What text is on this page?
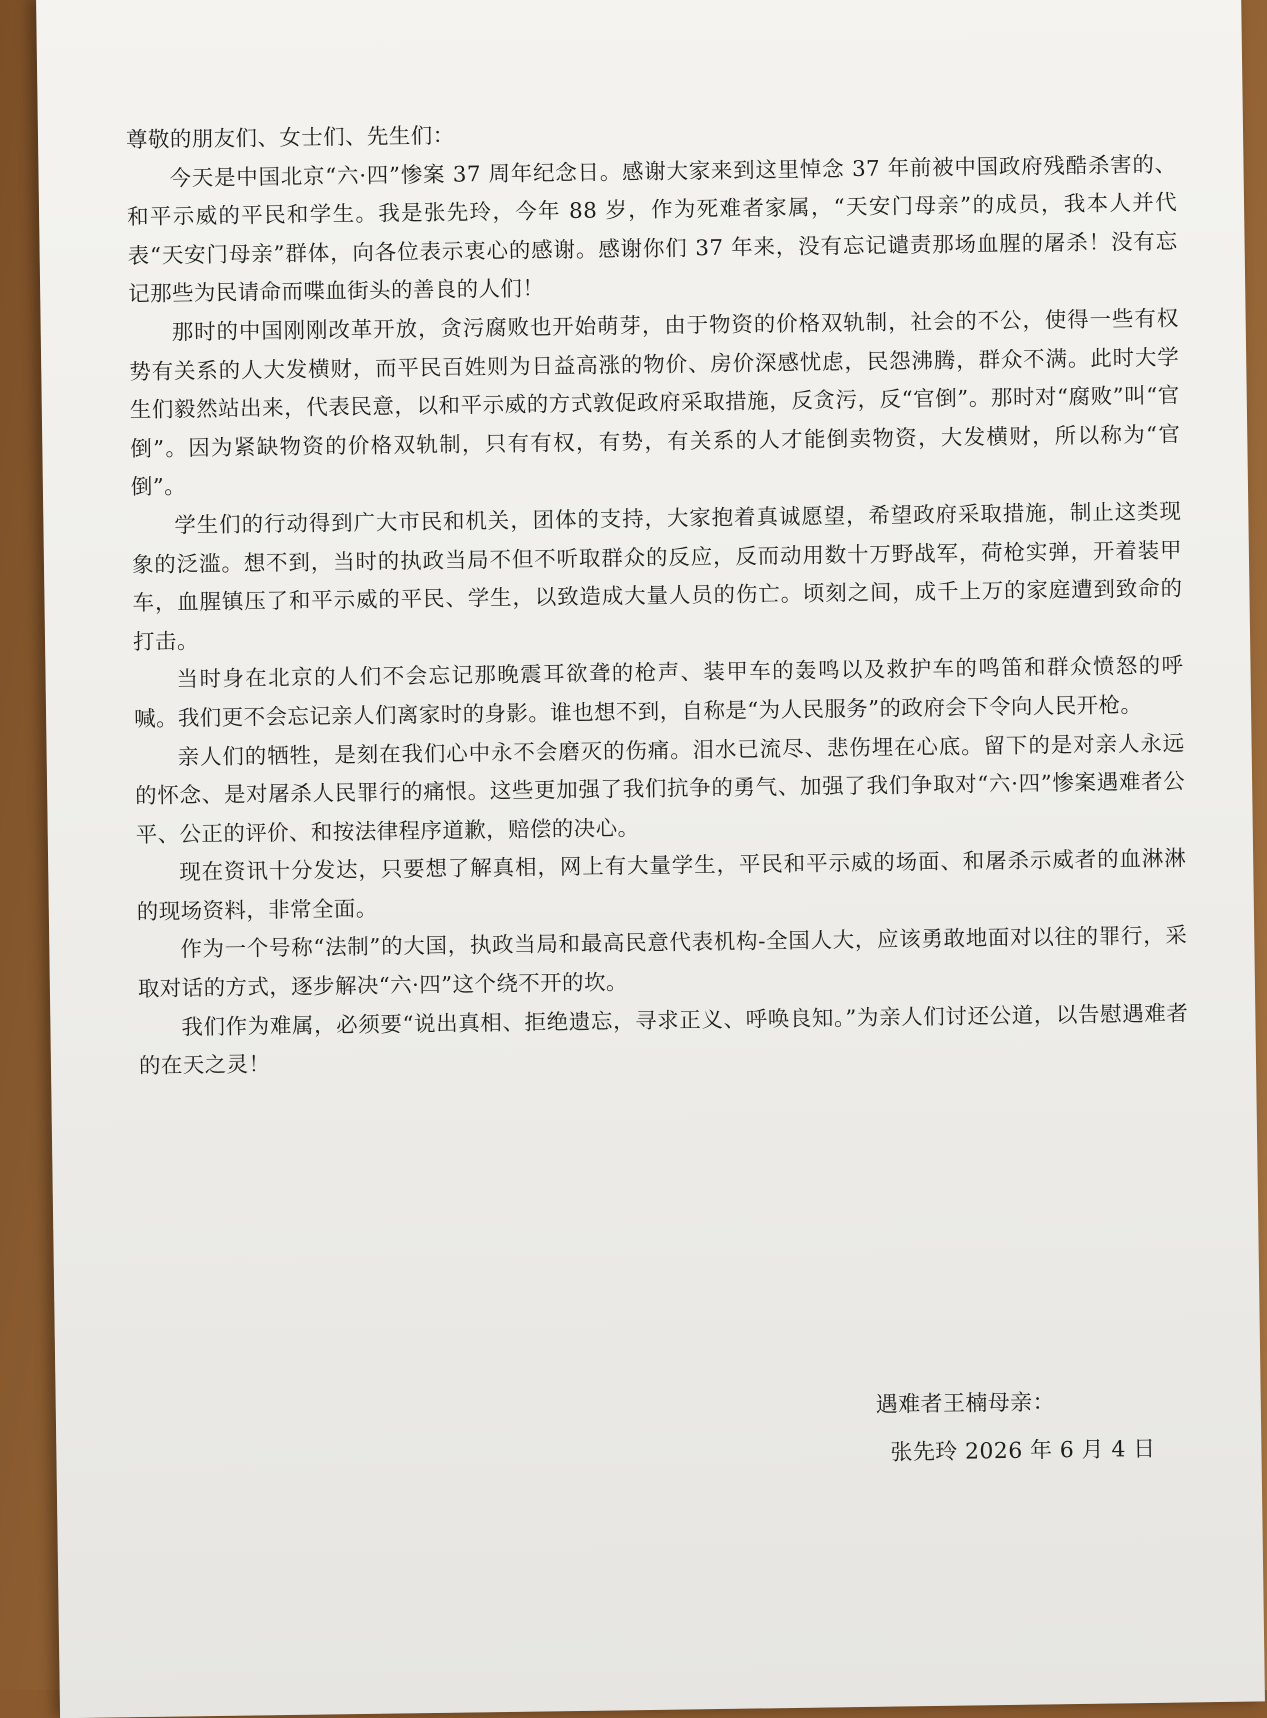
尊敬的朋友们、女士们、先生们：

今天是中国北京“六·四”惨案 37 周年纪念日。感谢大家来到这里悼念 37 年前被中国政府残酷杀害的、和平示威的平民和学生。我是张先玲，今年 88 岁，作为死难者家属，“天安门母亲”的成员，我本人并代表“天安门母亲”群体，向各位表示衷心的感谢。感谢你们 37 年来，没有忘记谴责那场血腥的屠杀！没有忘记那些为民请命而喋血街头的善良的人们！

那时的中国刚刚改革开放，贪污腐败也开始萌芽，由于物资的价格双轨制，社会的不公，使得一些有权势有关系的人大发横财，而平民百姓则为日益高涨的物价、房价深感忧虑，民怨沸腾，群众不满。此时大学生们毅然站出来，代表民意，以和平示威的方式敦促政府采取措施，反贪污，反“官倒”。那时对“腐败”叫“官倒”。因为紧缺物资的价格双轨制，只有有权，有势，有关系的人才能倒卖物资，大发横财，所以称为“官倒”。

学生们的行动得到广大市民和机关，团体的支持，大家抱着真诚愿望，希望政府采取措施，制止这类现象的泛滥。想不到，当时的执政当局不但不听取群众的反应，反而动用数十万野战军，荷枪实弹，开着装甲车，血腥镇压了和平示威的平民、学生，以致造成大量人员的伤亡。顷刻之间，成千上万的家庭遭到致命的打击。

当时身在北京的人们不会忘记那晚震耳欲聋的枪声、装甲车的轰鸣以及救护车的鸣笛和群众愤怒的呼喊。我们更不会忘记亲人们离家时的身影。谁也想不到，自称是“为人民服务”的政府会下令向人民开枪。

亲人们的牺牲，是刻在我们心中永不会磨灭的伤痛。泪水已流尽、悲伤埋在心底。留下的是对亲人永远的怀念、是对屠杀人民罪行的痛恨。这些更加强了我们抗争的勇气、加强了我们争取对“六·四”惨案遇难者公平、公正的评价、和按法律程序道歉，赔偿的决心。

现在资讯十分发达，只要想了解真相，网上有大量学生，平民和平示威的场面、和屠杀示威者的血淋淋的现场资料，非常全面。

作为一个号称“法制”的大国，执政当局和最高民意代表机构-全国人大，应该勇敢地面对以往的罪行，采取对话的方式，逐步解决“六·四”这个绕不开的坎。

我们作为难属，必须要“说出真相、拒绝遗忘，寻求正义、呼唤良知。”为亲人们讨还公道，以告慰遇难者的在天之灵！

遇难者王楠母亲：
张先玲 2026 年 6 月 4 日
